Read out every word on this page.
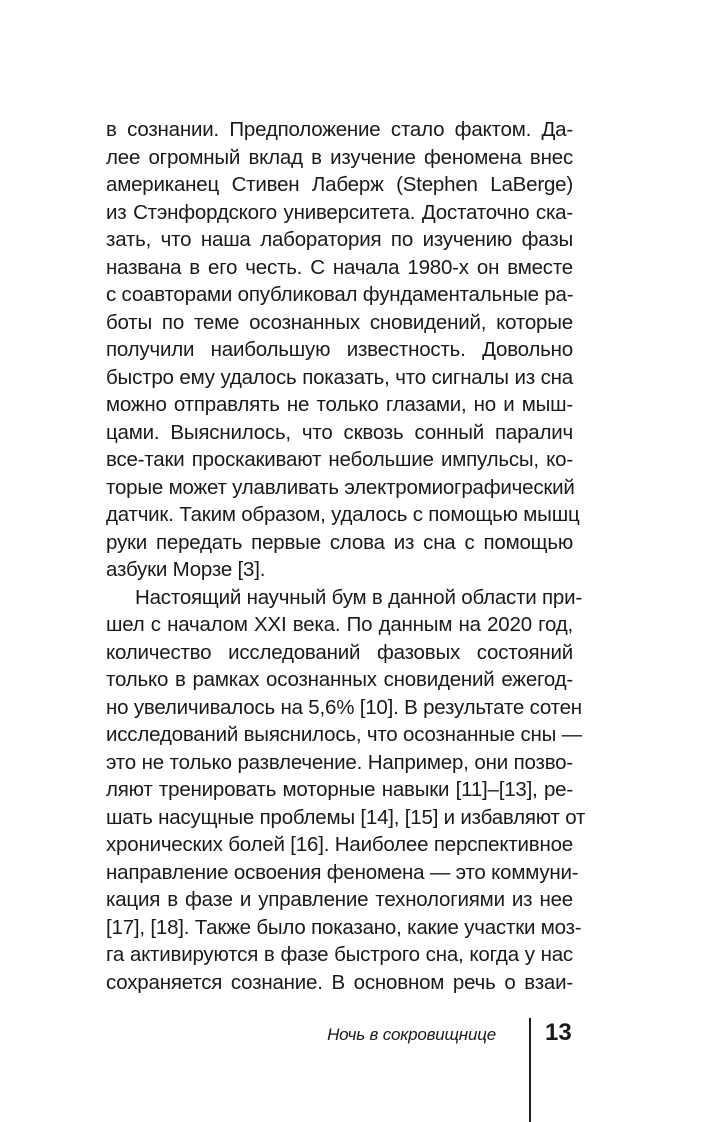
в сознании. Предположение стало фактом. Да-
лее огромный вклад в изучение феномена внес
американец Стивен Лаберж (Stephen LaBerge)
из Стэнфордского университета. Достаточно ска-
зать, что наша лаборатория по изучению фазы
названа в его честь. С начала 1980-х он вместе
с соавторами опубликовал фундаментальные ра-
боты по теме осознанных сновидений, которые
получили наибольшую известность. Довольно
быстро ему удалось показать, что сигналы из сна
можно отправлять не только глазами, но и мыш-
цами. Выяснилось, что сквозь сонный паралич
все-таки проскакивают небольшие импульсы, ко-
торые может улавливать электромиографический
датчик. Таким образом, удалось с помощью мышц
руки передать первые слова из сна с помощью
азбуки Морзе [3].
Настоящий научный бум в данной области при-
шел с началом XXI века. По данным на 2020 год,
количество исследований фазовых состояний
только в рамках осознанных сновидений ежегод-
но увеличивалось на 5,6% [10]. В результате сотен
исследований выяснилось, что осознанные сны —
это не только развлечение. Например, они позво-
ляют тренировать моторные навыки [11]–[13], ре-
шать насущные проблемы [14], [15] и избавляют от
хронических болей [16]. Наиболее перспективное
направление освоения феномена — это коммуни-
кация в фазе и управление технологиями из нее
[17], [18]. Также было показано, какие участки моз-
га активируются в фазе быстрого сна, когда у нас
сохраняется сознание. В основном речь о взаи-
Ночь в сокровищнице 13
